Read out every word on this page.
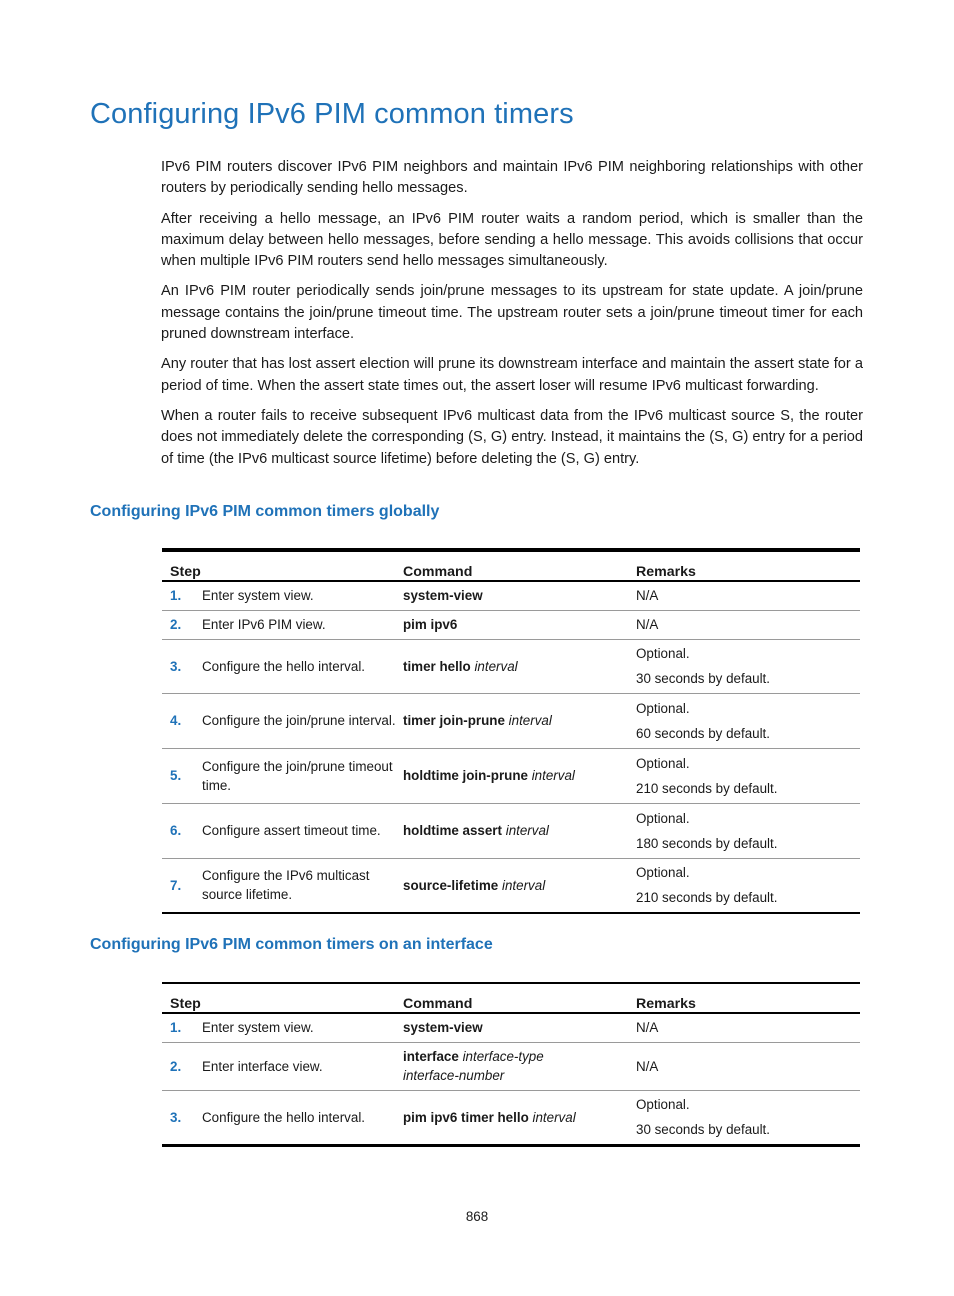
Configuring IPv6 PIM common timers

IPv6 PIM routers discover IPv6 PIM neighbors and maintain IPv6 PIM neighboring relationships with other routers by periodically sending hello messages.

After receiving a hello message, an IPv6 PIM router waits a random period, which is smaller than the maximum delay between hello messages, before sending a hello message. This avoids collisions that occur when multiple IPv6 PIM routers send hello messages simultaneously.

An IPv6 PIM router periodically sends join/prune messages to its upstream for state update. A join/prune message contains the join/prune timeout time. The upstream router sets a join/prune timeout timer for each pruned downstream interface.

Any router that has lost assert election will prune its downstream interface and maintain the assert state for a period of time. When the assert state times out, the assert loser will resume IPv6 multicast forwarding.

When a router fails to receive subsequent IPv6 multicast data from the IPv6 multicast source S, the router does not immediately delete the corresponding (S, G) entry. Instead, it maintains the (S, G) entry for a period of time (the IPv6 multicast source lifetime) before deleting the (S, G) entry.

Configuring IPv6 PIM common timers globally
Step	Command	Remarks

1. Enter system view.	system-view	N/A

2. Enter IPv6 PIM view.	pim ipv6	N/A

3. Configure the hello interval.	timer hello interval	Optional.
30 seconds by default.

4. Configure the join/prune interval.	timer join-prune interval	Optional.
60 seconds by default.

5.
Configure the join/prune timeout time.	holdtime join-prune interval	Optional.
210 seconds by default.

6. Configure assert timeout time.	holdtime assert interval	Optional.
180 seconds by default.

7.
Configure the IPv6 multicast source lifetime.	source-lifetime interval	Optional.
210 seconds by default.
Configuring IPv6 PIM common timers on an interface
Step	Command	Remarks

1. Enter system view.	system-view	N/A

2. Enter interface view.	interface interface-type
interface-number	N/A

3. Configure the hello interval.	pim ipv6 timer hello interval	Optional.
30 seconds by default.
868
